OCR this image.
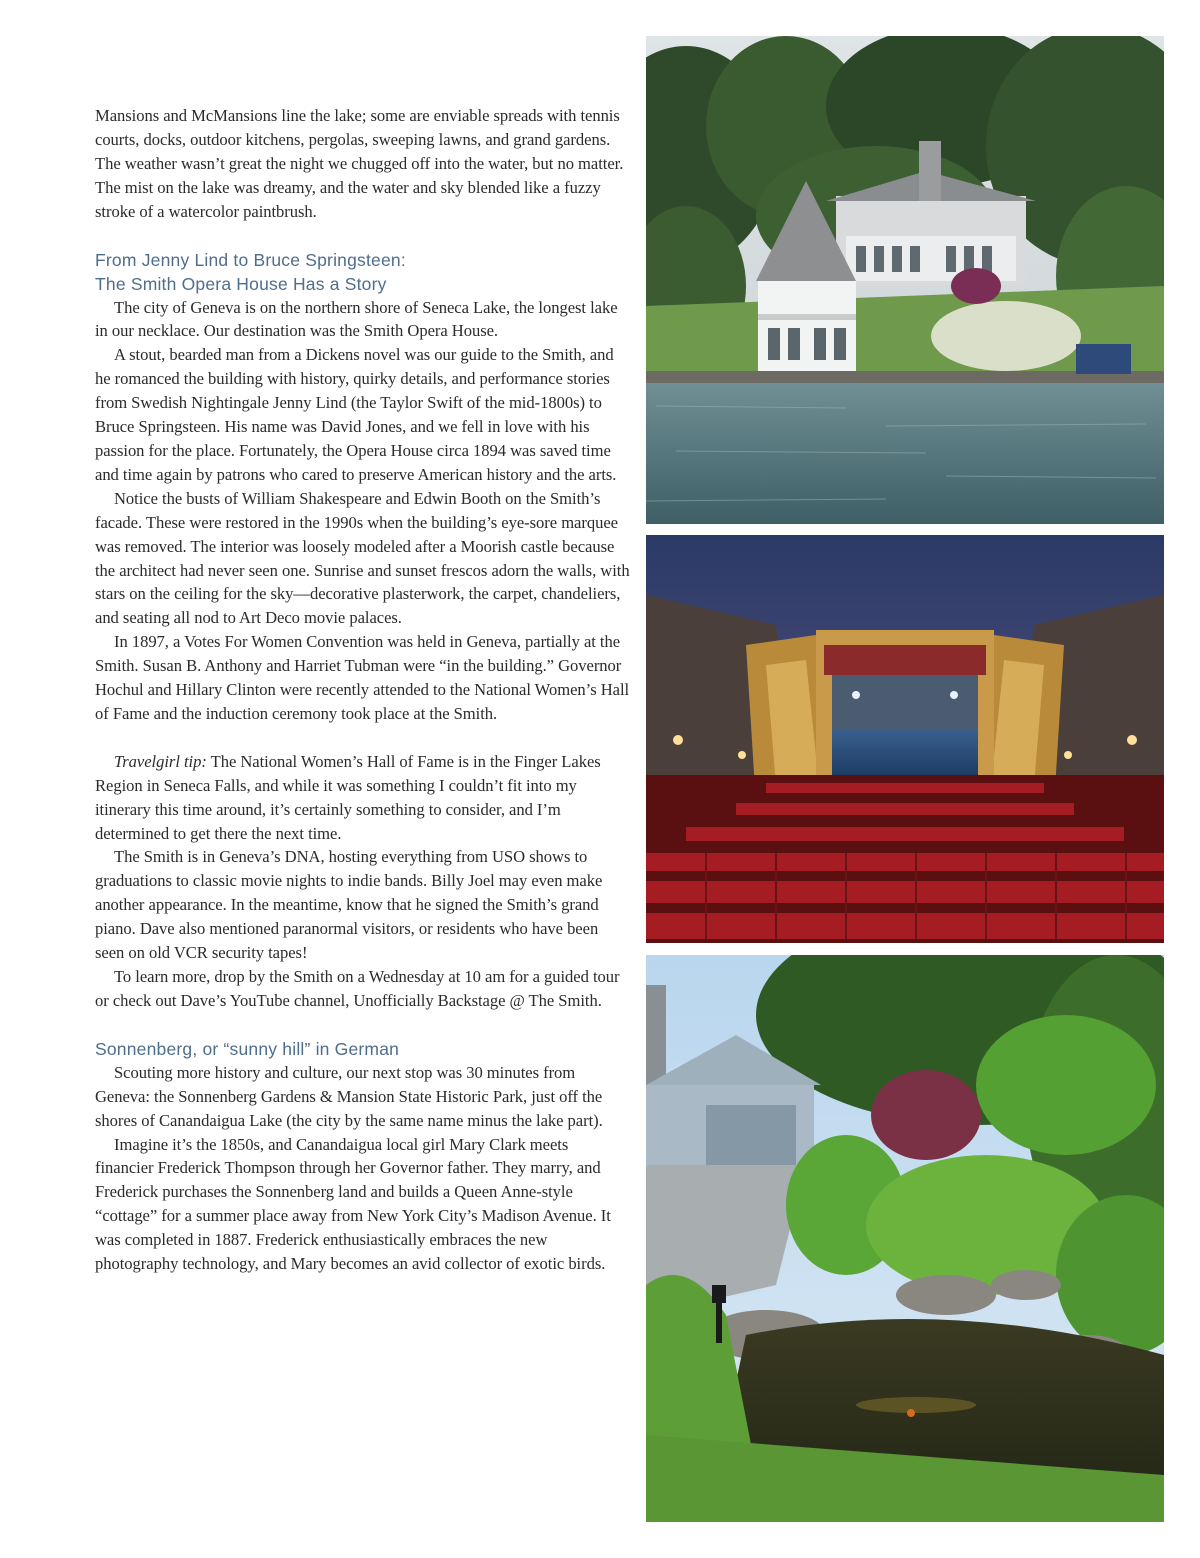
Mansions and McMansions line the lake; some are enviable spreads with tennis courts, docks, outdoor kitchens, pergolas, sweeping lawns, and grand gardens. The weather wasn’t great the night we chugged off into the water, but no matter. The mist on the lake was dreamy, and the water and sky blended like a fuzzy stroke of a watercolor paintbrush.

From Jenny Lind to Bruce Springsteen:
The Smith Opera House Has a Story

The city of Geneva is on the northern shore of Seneca Lake, the longest lake in our necklace. Our destination was the Smith Opera House.

A stout, bearded man from a Dickens novel was our guide to the Smith, and he romanced the building with history, quirky details, and performance stories from Swedish Nightingale Jenny Lind (the Taylor Swift of the mid-1800s) to Bruce Springsteen. His name was David Jones, and we fell in love with his passion for the place. Fortunately, the Opera House circa 1894 was saved time and time again by patrons who cared to preserve American history and the arts.

Notice the busts of William Shakespeare and Edwin Booth on the Smith’s facade. These were restored in the 1990s when the building’s eye-sore marquee was removed. The interior was loosely modeled after a Moorish castle because the architect had never seen one. Sunrise and sunset frescos adorn the walls, with stars on the ceiling for the sky—decorative plasterwork, the carpet, chandeliers, and seating all nod to Art Deco movie palaces.

In 1897, a Votes For Women Convention was held in Geneva, partially at the Smith. Susan B. Anthony and Harriet Tubman were “in the building.” Governor Hochul and Hillary Clinton were recently attended to the National Women’s Hall of Fame and the induction ceremony took place at the Smith.

Travelgirl tip: The National Women’s Hall of Fame is in the Finger Lakes Region in Seneca Falls, and while it was something I couldn’t fit into my itinerary this time around, it’s certainly something to consider, and I’m determined to get there the next time.

The Smith is in Geneva’s DNA, hosting everything from USO shows to graduations to classic movie nights to indie bands. Billy Joel may even make another appearance. In the meantime, know that he signed the Smith’s grand piano. Dave also mentioned paranormal visitors, or residents who have been seen on old VCR security tapes!

To learn more, drop by the Smith on a Wednesday at 10 am for a guided tour or check out Dave’s YouTube channel, Unofficially Backstage @ The Smith.

Sonnenberg, or “sunny hill” in German

Scouting more history and culture, our next stop was 30 minutes from Geneva: the Sonnenberg Gardens & Mansion State Historic Park, just off the shores of Canandaigua Lake (the city by the same name minus the lake part).

Imagine it’s the 1850s, and Canandaigua local girl Mary Clark meets financier Frederick Thompson through her Governor father. They marry, and Frederick purchases the Sonnenberg land and builds a Queen Anne-style “cottage” for a summer place away from New York City’s Madison Avenue. It was completed in 1887. Frederick enthusiastically embraces the new photography technology, and Mary becomes an avid collector of exotic birds.
